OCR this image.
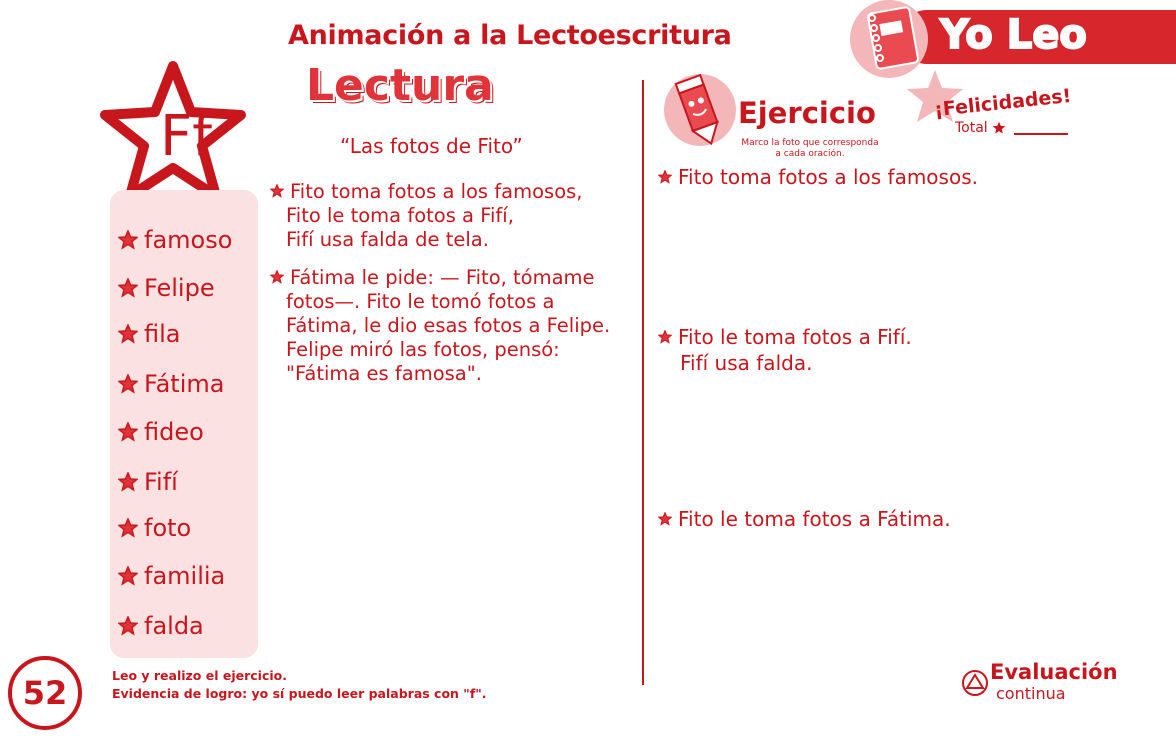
Animación a la Lectoescritura
Lectura
Yo Leo
Ff
famoso
Felipe
fila
Fátima
fideo
Fifí
foto
familia
falda
“Las fotos de Fito”
Fito toma fotos a los famosos,
Fito le toma fotos a Fifí,
Fifí usa falda de tela.
Fátima le pide: — Fito, tómame
fotos—. Fito le tomó fotos a
Fátima, le dio esas fotos a Felipe.
Felipe miró las fotos, pensó:
"Fátima es famosa".
Ejercicio
Marco la foto que corresponda
a cada oración.
¡Felicidades!
Total
Fito toma fotos a los famosos.
Fito le toma fotos a Fifí.
Fifí usa falda.
Fito le toma fotos a Fátima.
52	Leo y realizo el ejercicio.
Evidencia de logro: yo sí puedo leer palabras con "f".
Evaluación
continua
